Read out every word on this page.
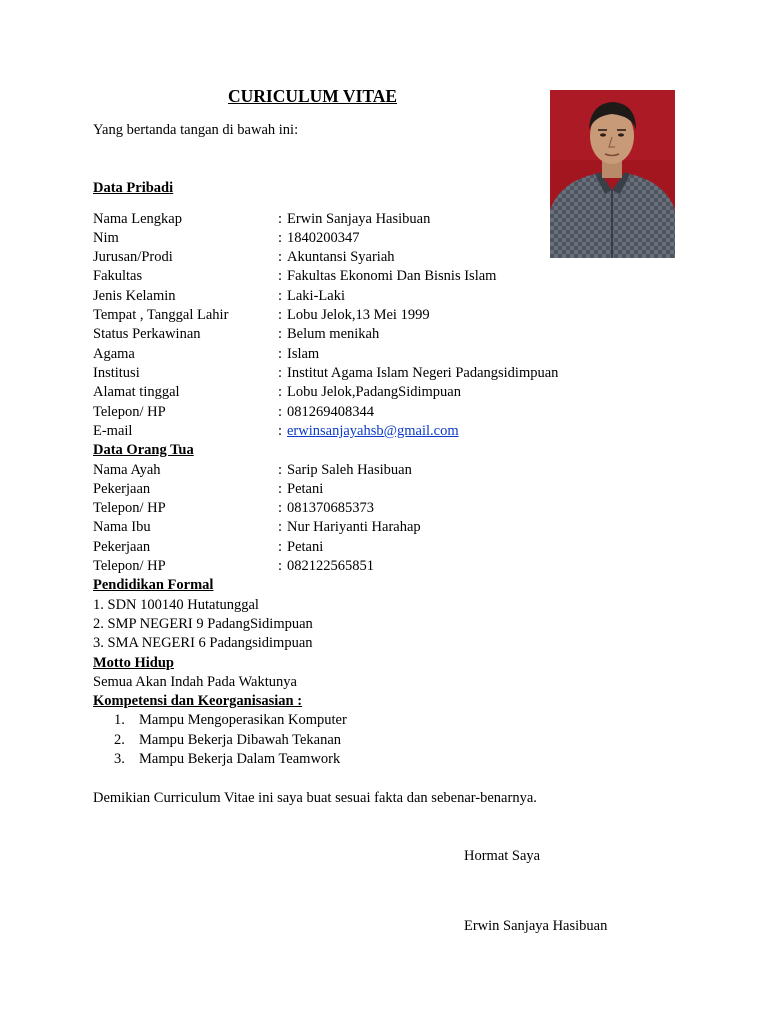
CURICULUM VITAE
Yang bertanda tangan di bawah ini:
Data Pribadi
Nama Lengkap	: Erwin Sanjaya Hasibuan
Nim	: 1840200347
Jurusan/Prodi	: Akuntansi Syariah
Fakultas	: Fakultas Ekonomi Dan Bisnis Islam
Jenis Kelamin	: Laki-Laki
Tempat , Tanggal Lahir	: Lobu Jelok,13 Mei 1999
Status Perkawinan	: Belum menikah
Agama	: Islam
Institusi	: Institut Agama Islam Negeri Padangsidimpuan
Alamat tinggal	: Lobu Jelok,PadangSidimpuan
Telepon/ HP	: 081269408344
E-mail	: erwinsanjayahsb@gmail.com
Data Orang Tua
Nama Ayah	: Sarip Saleh Hasibuan
Pekerjaan	: Petani
Telepon/ HP	: 081370685373
Nama Ibu	: Nur Hariyanti Harahap
Pekerjaan	: Petani
Telepon/ HP	: 082122565851
Pendidikan Formal
1. SDN 100140 Hutatunggal
2. SMP NEGERI 9 PadangSidimpuan
3. SMA NEGERI 6 Padangsidimpuan
Motto Hidup
Semua Akan Indah Pada Waktunya
Kompetensi dan Keorganisasian :
1. Mampu Mengoperasikan Komputer
2. Mampu Bekerja Dibawah Tekanan
3. Mampu Bekerja Dalam Teamwork
Demikian Curriculum Vitae ini saya buat sesuai fakta dan sebenar-benarnya.
Hormat Saya
Erwin Sanjaya Hasibuan
